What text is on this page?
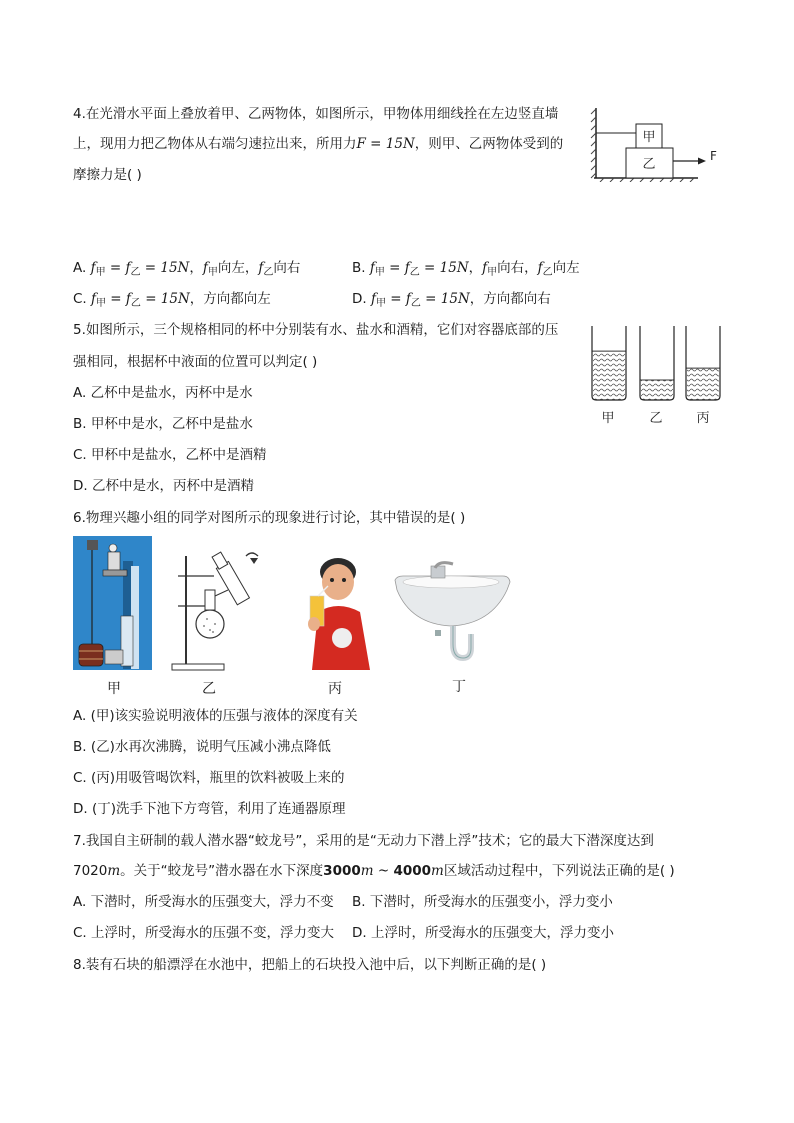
4.在光滑水平面上叠放着甲、乙两物体，如图所示，甲物体用细线拴在左边竖直墙
上，现用力把乙物体从右端匀速拉出来，所用力F = 15N，则甲、乙两物体受到的
摩擦力是( )
甲
乙
F
A. $f_甲 = f_乙 = 15N$，$f_甲$向左，$f_乙$向右	B. $f_甲 = f_乙 = 15N$，$f_甲$向右，$f_乙$向左
C. $f_甲 = f_乙 = 15N$，方向都向左	D. $f_甲 = f_乙 = 15N$，方向都向右
5.如图所示，三个规格相同的杯中分别装有水、盐水和酒精，它们对容器底部的压
强相同，根据杯中液面的位置可以判定( )
A. 乙杯中是盐水，丙杯中是水
B. 甲杯中是水，乙杯中是盐水
C. 甲杯中是盐水，乙杯中是酒精
D. 乙杯中是水，丙杯中是酒精
甲	乙	丙
6.物理兴趣小组的同学对图所示的现象进行讨论，其中错误的是( )
甲	乙	丙	丁
A. (甲)该实验说明液体的压强与液体的深度有关
B. (乙)水再次沸腾，说明气压减小沸点降低
C. (丙)用吸管喝饮料，瓶里的饮料被吸上来的
D. (丁)洗手下池下方弯管，利用了连通器原理
7.我国自主研制的载人潜水器“蛟龙号”，采用的是“无动力下潜上浮”技术；它的最大下潜深度达到
7020m。关于“蛟龙号”潜水器在水下深度3000m ~ 4000m区域活动过程中，下列说法正确的是( )
A. 下潜时，所受海水的压强变大，浮力不变 B. 下潜时，所受海水的压强变小，浮力变小
C. 上浮时，所受海水的压强不变，浮力变大 D. 上浮时，所受海水的压强变大，浮力变小
8.装有石块的船漂浮在水池中，把船上的石块投入池中后，以下判断正确的是( )
